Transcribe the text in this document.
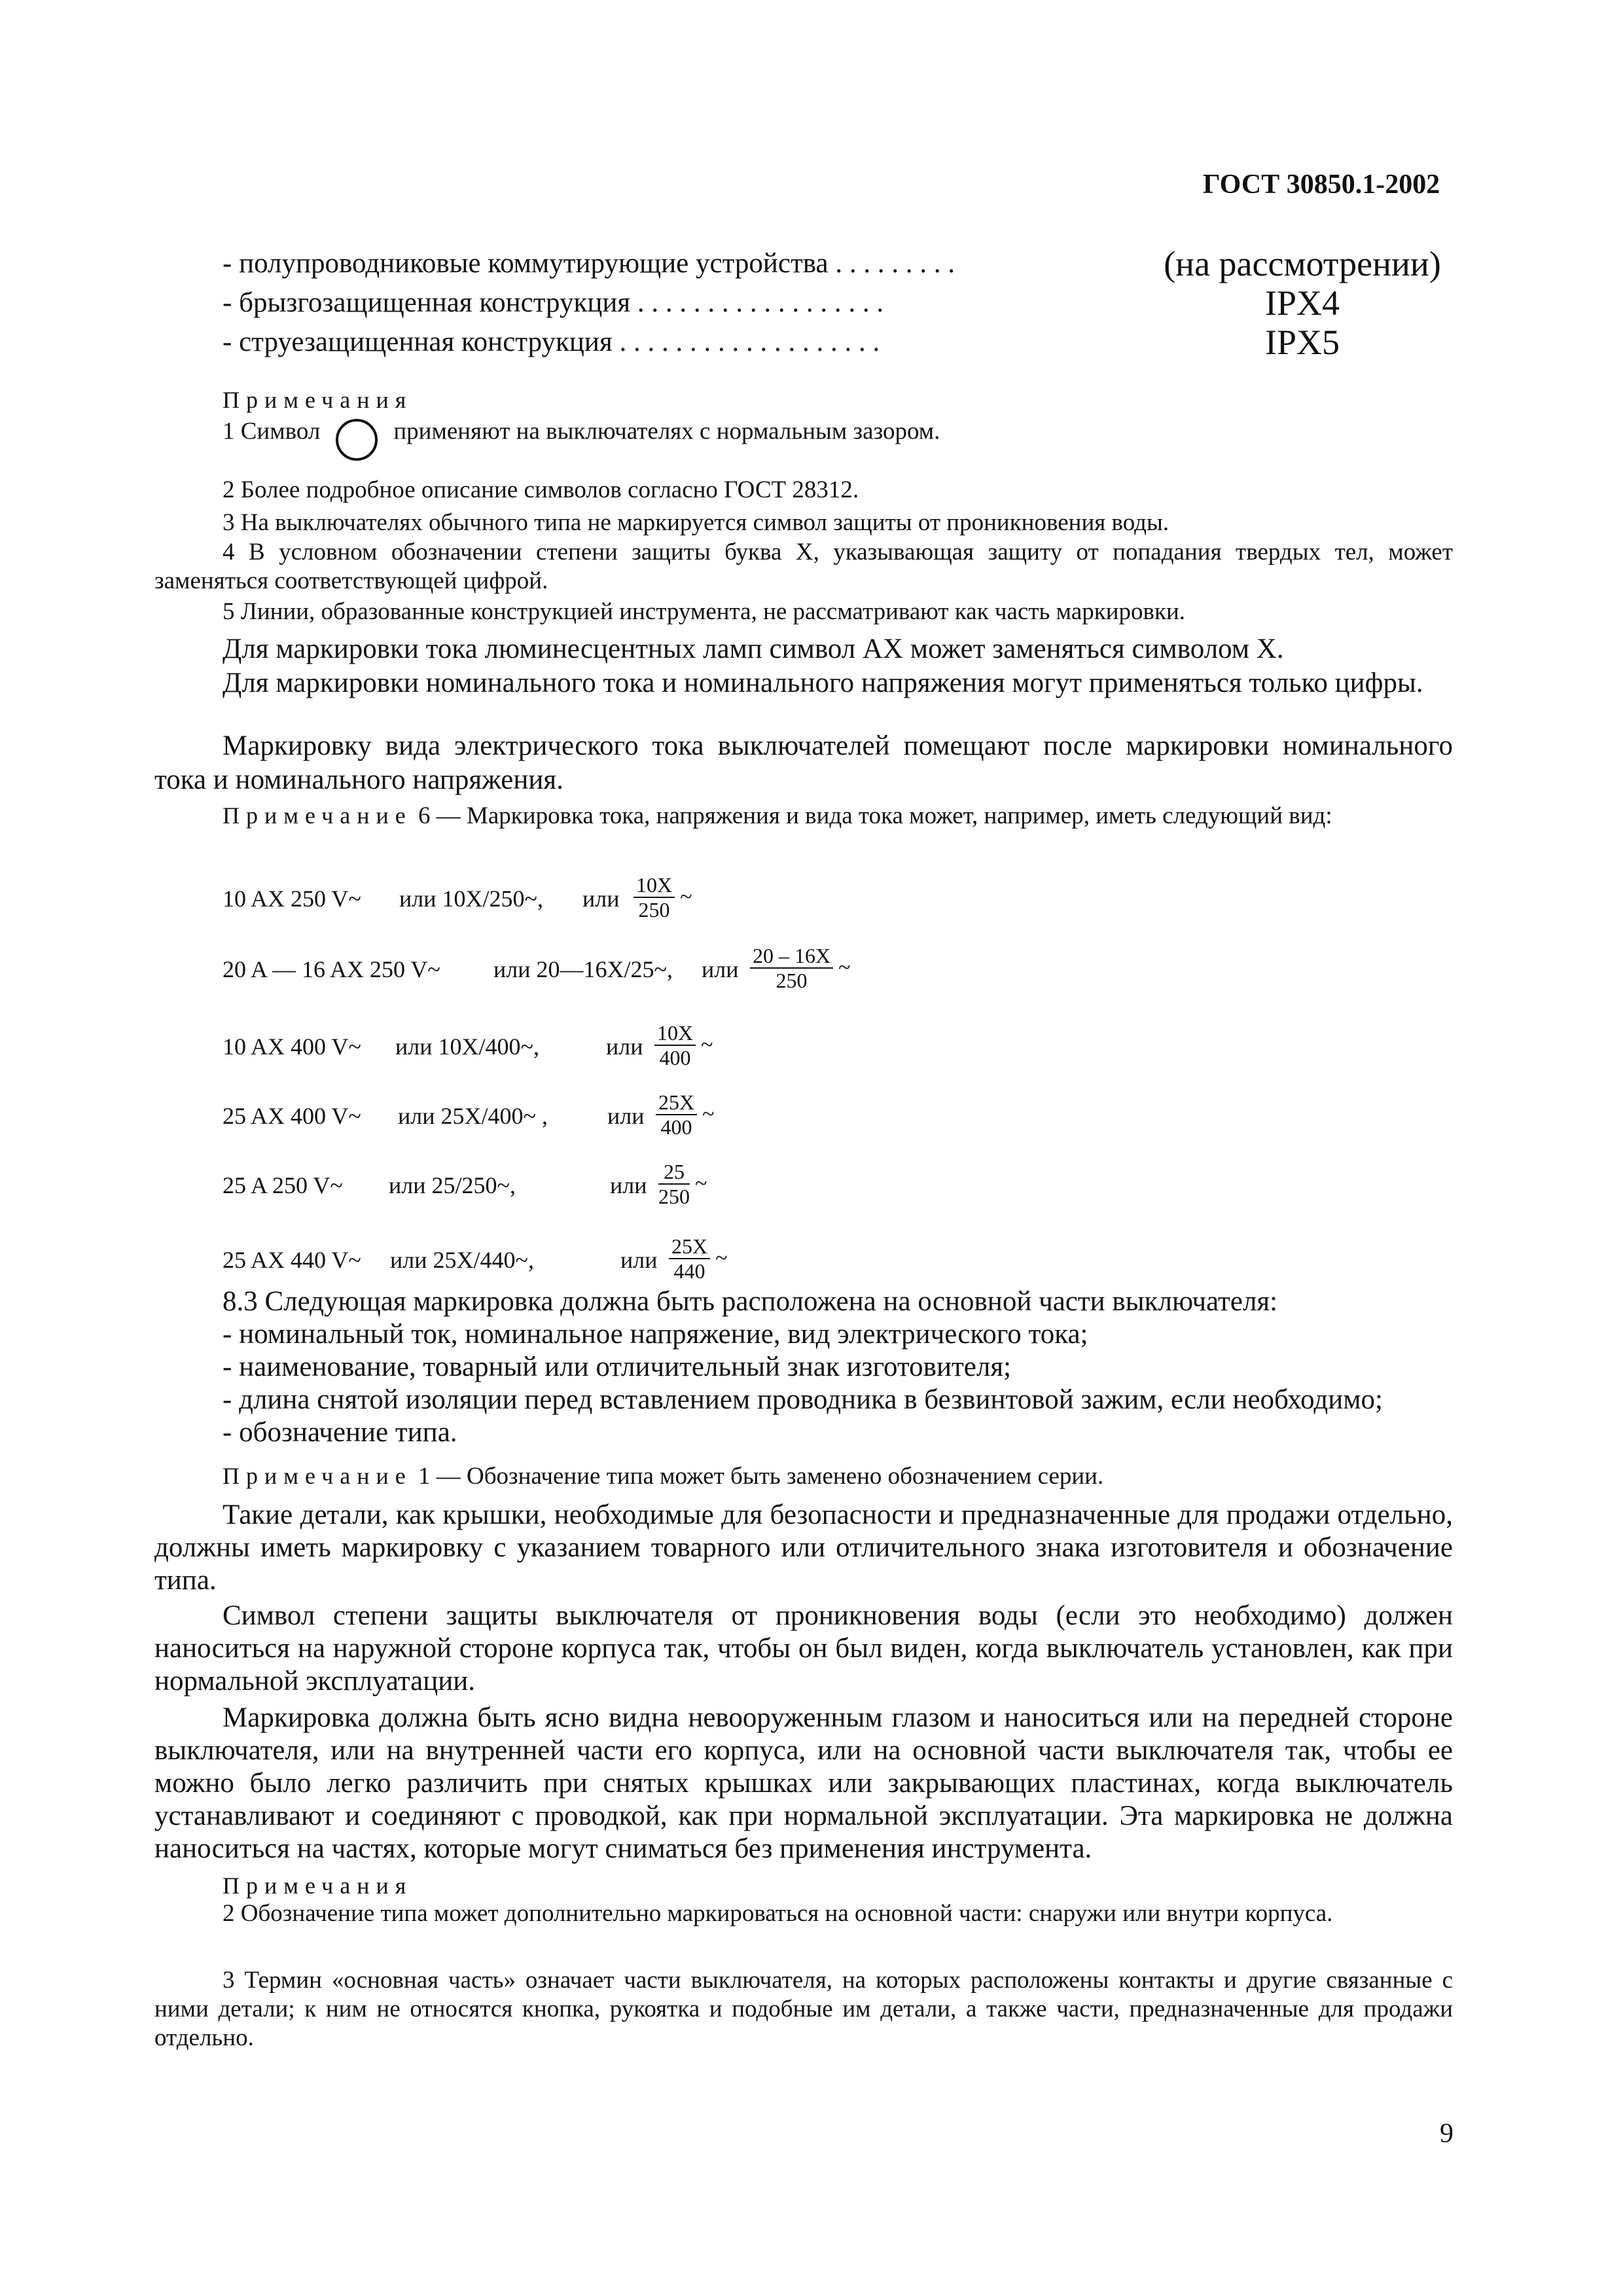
ГОСТ 30850.1-2002
- полупроводниковые коммутирующие устройства . . . . . . . . .	(на рассмотрении)
- брызгозащищенная конструкция . . . . . . . . . . . . . . . . . .	IPX4
- струезащищенная конструкция . . . . . . . . . . . . . . . . . . .	IPX5
Примечания
1 Символ	применяют на выключателях с нормальным зазором.
2 Более подробное описание символов согласно ГОСТ 28312.
3 На выключателях обычного типа не маркируется символ защиты от проникновения воды.
4 В условном обозначении степени защиты буква X, указывающая защиту от попадания твердых тел, может заменяться соответствующей цифрой.
5 Линии, образованные конструкцией инструмента, не рассматривают как часть маркировки.
Для маркировки тока люминесцентных ламп символ AX может заменяться символом X.
Для маркировки номинального тока и номинального напряжения могут применяться только цифры.
Маркировку вида электрического тока выключателей помещают после маркировки номинального тока и номинального напряжения.
Примечание 6 — Маркировка тока, напряжения и вида тока может, например, иметь следующий вид:
10 AX 250 V~ или 10X/250~, или $\frac{10X}{250}$ ~
20 A — 16 AX 250 V~ или 20—16X/25~, или $\frac{20 - 16X}{250}$ ~
10 AX 400 V~ или 10X/400~,	или $\frac{10X}{400}$ ~
25 AX 400 V~ или 25X/400~ ,	или $\frac{25X}{400}$ ~
25 A 250 V~ или 25/250~,	или $\frac{25}{250}$ ~
25 AX 440 V~ или 25X/440~,	или $\frac{25X}{440}$ ~
8.3 Следующая маркировка должна быть расположена на основной части выключателя:
- номинальный ток, номинальное напряжение, вид электрического тока;
- наименование, товарный или отличительный знак изготовителя;
- длина снятой изоляции перед вставлением проводника в безвинтовой зажим, если необходимо;
- обозначение типа.
Примечание 1 — Обозначение типа может быть заменено обозначением серии.
Такие детали, как крышки, необходимые для безопасности и предназначенные для продажи отдельно, должны иметь маркировку с указанием товарного или отличительного знака изготовителя и обозначение типа.
Символ степени защиты выключателя от проникновения воды (если это необходимо) должен наноситься на наружной стороне корпуса так, чтобы он был виден, когда выключатель установлен, как при нормальной эксплуатации.
Маркировка должна быть ясно видна невооруженным глазом и наноситься или на передней стороне выключателя, или на внутренней части его корпуса, или на основной части выключателя так, чтобы ее можно было легко различить при снятых крышках или закрывающих пластинах, когда выключатель устанавливают и соединяют с проводкой, как при нормальной эксплуатации. Эта маркировка не должна наноситься на частях, которые могут сниматься без применения инструмента.
Примечания
2 Обозначение типа может дополнительно маркироваться на основной части: снаружи или внутри корпуса.
3 Термин «основная часть» означает части выключателя, на которых расположены контакты и другие связанные с ними детали; к ним не относятся кнопка, рукоятка и подобные им детали, а также части, предназначенные для продажи отдельно.
9
